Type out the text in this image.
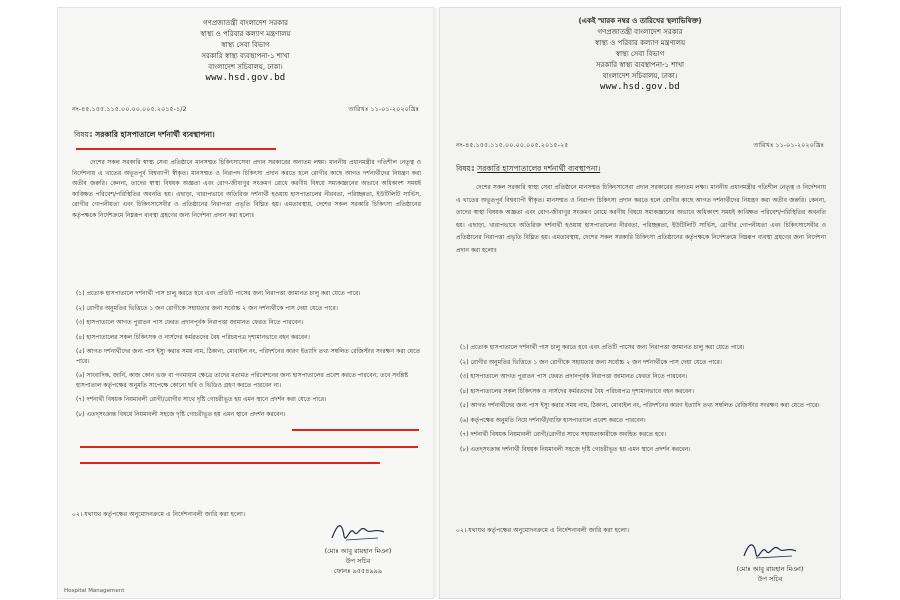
গণপ্রজাতন্ত্রী বাংলাদেশ সরকার
স্বাস্থ্য ও পরিবার কল্যাণ মন্ত্রণালয়
স্বাস্থ্য সেবা বিভাগ
সরকারি স্বাস্থ্য ব্যবস্থাপনা-১ শাখা
বাংলাদেশ সচিবালয়, ঢাকা।
www.hsd.gov.bd
নং-৪৫.১৫৫.১১৫.০০.০০.০০৫.২০১৫-১/2	তারিখঃ ১১-০১-২০২০খ্রিঃ
বিষয়ঃ সরকারি হাসপাতালে দর্শনার্থী ব্যবস্থাপনা।
দেশের সকল সরকারি স্বাস্থ্য সেবা প্রতিষ্ঠানে মানসম্মত চিকিৎসাসেবা প্রদান সরকারের অন্যতম লক্ষ্য। মাননীয় প্রধানমন্ত্রীর গতিশীল নেতৃত্ব ও নির্দেশনায় এ খাতের অভূতপূর্ব বিশ্বব্যাপী স্বীকৃত। মানসম্মত ও নিরাপদ চিকিৎসা প্রদান করতে হলে রোগীর কাছে আগত দর্শনার্থীদের নিয়ন্ত্রণ করা অতীব জরুরি। কেননা, তাদের স্বাস্থ্য বিষয়ক অজ্ঞতা এবং রোগ-জীবাণুর সংক্রমণ রোধে করণীয় বিষয়ে সম্যকজ্ঞানের অভাবে অধিকাংশ সময়ই কাঙ্ক্ষিত পরিবেশ/পরিস্থিতির অবনতি হয়। এছাড়া, খারাপভাবে অতিরিক্ত দর্শনার্থী হওয়ায় হাসপাতালের নীরবতা, পরিচ্ছন্নতা, ইউটিলিটি সার্ভিস, রোগীর গোপনীয়তা এবং চিকিৎসাসেবীর ও প্রতিষ্ঠানের নিরাপত্তা প্রভৃতি বিঘ্নিত হয়। এমতাবস্থায়, দেশের সকল সরকারি চিকিৎসা প্রতিষ্ঠানের কর্তৃপক্ষকে নির্দেশক্রমে নিম্নরূপ ব্যবস্থা গ্রহণের জন্য নির্দেশনা প্রদান করা হলোঃ
(১) প্রত্যেক হাসপাতালে দর্শনার্থী পাস চালু করতে হবে এবং প্রতিটি পাসের জন্য নিরাপত্তা জামানত চালু করা যেতে পারে।
(২) রোগীর অনুমতির ভিত্তিতে ১ জন রোগীকে সহায়তার জন্য সর্বোচ্চ ২ জন দর্শনার্থীকে পাস দেয়া যেতে পারে।
(৩) হাসপাতালে আগত পুরাতন পাস ফেরত প্রদানপূর্বক নিরাপত্তা জামানত ফেরত নিতে পারবেন।
(৪) হাসপাতালের সকল চিকিৎসক ও নার্সদের কর্মরতদের বৈধ পরিচয়পত্র দৃশ্যমানভাবে বহন করবেন।
(৫) আগত দর্শনার্থীদের জন্য পাস ইস্যু করার সময় নাম, ঠিকানা, মোবাইল নং, পরিদর্শনের কারণ ইত্যাদি তথ্য সম্বলিত রেজিস্টার সংরক্ষণ করা যেতে পারে।
(৬) সাংবাদিক, জার্নি, কাজ কোন ভক্ত বা গণমাধ্যম ক্ষেত্রে তাদের মতামত পরিবেশনের জন্য হাসপাতালের প্রবেশ করতে পারবেন; তবে সংশ্লিষ্ট হাসপাতাল কর্তৃপক্ষের অনুমতি সাপেক্ষে কোনো ছবি ও ভিডিও গ্রহণ করতে পারবেন না।
(৭) দর্শনার্থী বিষয়ক নিয়মাবলী রোগী/রোগীর সাথে দৃষ্টি গোচরীভূত হয় এমন স্থানে প্রদর্শন করা যেতে পারে।
(৮) এতদ্‌সংক্রান্ত বিষয়ে নিয়মাবলী সহজে দৃষ্টি গোচরীভূত হয় এমন স্থানে প্রদর্শন করবেন।
০২। যথাযথ কর্তৃপক্ষের অনুমোদনক্রমে এ নির্দেশনাবলী জারি করা হলো।
(মোঃ আবু রায়হান মিঞা)
উপ সচিব
ফোনঃ ৯৫৫৪৯৯৯
Hospital Management
(একই স্মারক নম্বর ও তারিখের স্থলাভিষিক্ত)
গণপ্রজাতন্ত্রী বাংলাদেশ সরকার
স্বাস্থ্য ও পরিবার কল্যাণ মন্ত্রণালয়
স্বাস্থ্য সেবা বিভাগ
সরকারি স্বাস্থ্য ব্যবস্থাপনা-১ শাখা
বাংলাদেশ সচিবালয়, ঢাকা।
www.hsd.gov.bd
নং-৪৫.১৫৫.১১৫.০০.০০.০০৫.২০১৫-২৫	তারিখঃ ১১-০১-২০২০খ্রিঃ
বিষয়ঃ সরকারি হাসপাতালের দর্শনার্থী ব্যবস্থাপনা।
দেশের সকল সরকারি স্বাস্থ্য সেবা প্রতিষ্ঠানে মানসম্মত চিকিৎসাসেবা প্রদান সরকারের অন্যতম লক্ষ্য। মাননীয় প্রধানমন্ত্রীর গতিশীল নেতৃত্ব ও নির্দেশনায় এ খাতের অভূতপূর্ব বিশ্বব্যাপী স্বীকৃত। মানসম্মত ও নিরাপদ চিকিৎসা প্রদান করতে হলে রোগীর কাছে আগত দর্শনার্থীদের নিয়ন্ত্রণ করা অতীব জরুরি। কেননা, তাদের স্বাস্থ্য বিষয়ক অজ্ঞতা এবং রোগ-জীবাণুর সংক্রমণ রোধে করণীয় বিষয়ে সম্যকজ্ঞানের অভাবে অধিকাংশ সময়ই কাঙ্ক্ষিত পরিবেশ/পরিস্থিতির অবনতি হয়। এছাড়া, খারাপভাবে অতিরিক্ত দর্শনার্থী হওয়ায় হাসপাতালের নীরবতা, পরিচ্ছন্নতা, ইউটিলিটি সার্ভিস, রোগীর গোপনীয়তা এবং চিকিৎসাসেবীর ও প্রতিষ্ঠানের নিরাপত্তা প্রভৃতি বিঘ্নিত হয়। এমতাবস্থায়, দেশের সকল সরকারি চিকিৎসা প্রতিষ্ঠানের কর্তৃপক্ষকে নির্দেশক্রমে নিম্নরূপ ব্যবস্থা গ্রহণের জন্য নির্দেশনা প্রদান করা হলোঃ
(১) প্রত্যেক হাসপাতালে দর্শনার্থী পাস চালু করতে হবে এবং প্রতিটি পাসের জন্য নিরাপত্তা জামানত চালু করা যেতে পারে।
(২) রোগীর অনুমতির ভিত্তিতে ১ জন রোগীকে সহায়তার জন্য সর্বোচ্চ ২ জন দর্শনার্থীকে পাস দেয়া যেতে পারে।
(৩) হাসপাতালে আগত পুরাতন পাস ফেরত প্রদানপূর্বক নিরাপত্তা জামানত ফেরত নিতে পারবেন।
(৪) হাসপাতালের সকল চিকিৎসক ও নার্সদের কর্মরতদের বৈধ পরিচয়পত্র দৃশ্যমানভাবে বহন করবেন।
(৫) আগত দর্শনার্থীদের জন্য পাস ইস্যু করার সময় নাম, ঠিকানা, মোবাইল নং, পরিদর্শনের কারণ ইত্যাদি তথ্য সম্বলিত রেজিস্টার সংরক্ষণ করা যেতে পারে।
(৬) কর্তৃপক্ষের অনুমতি নিয়ে দর্শনার্থী/ব্যক্তি হাসপাতালে প্রবেশ করতে পারবেন।
(৭) দর্শনার্থী বিষয়ক নিয়মাবলী রোগী/রোগীর সাথে সহায়তাকারীকে অবহিত করতে হবে।
(৮) এতদ্‌সংক্রান্ত দর্শনার্থী বিষয়ক নিয়মাবলী সহজে দৃষ্টি গোচরীভূত হয় এমন স্থানে প্রদর্শন করবেন।
০২। যথাযথ কর্তৃপক্ষের অনুমোদনক্রমে এ নির্দেশনাবলী জারি করা হলো।
(মোঃ আবু রায়হান মিঞা)
উপ সচিব
